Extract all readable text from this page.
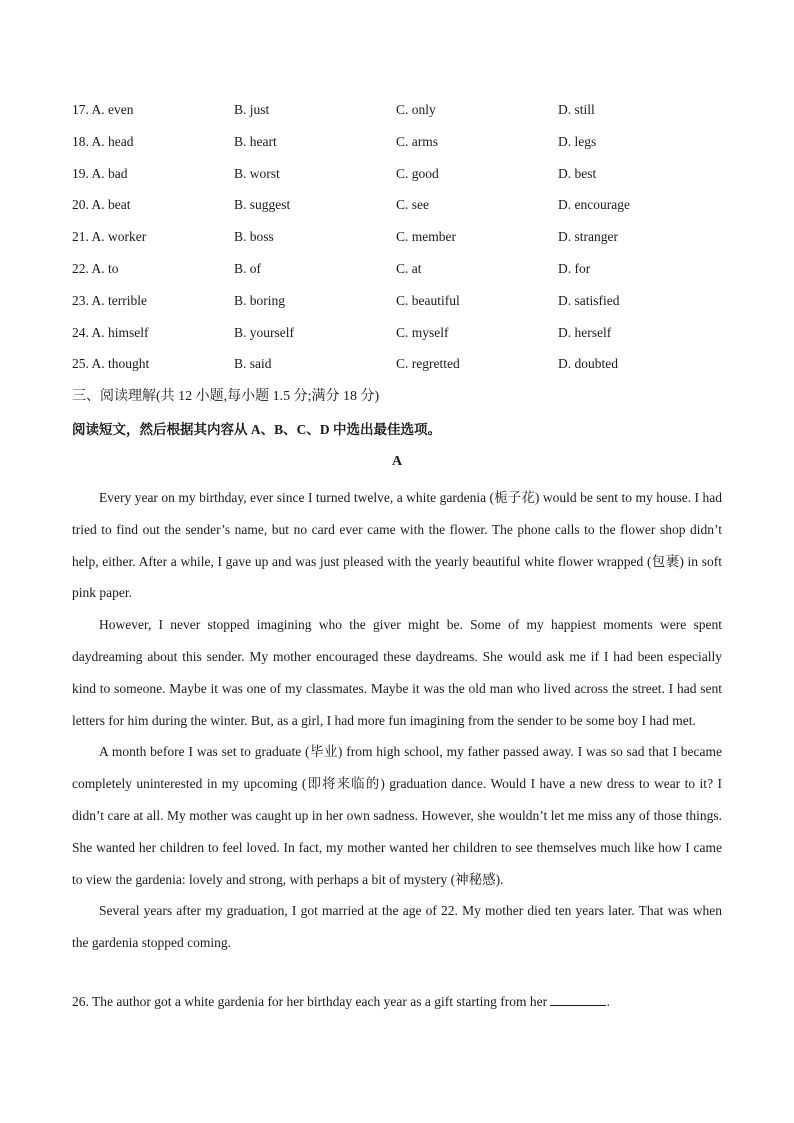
17. A. even	B. just	C. only	D. still
18. A. head	B. heart	C. arms	D. legs
19. A. bad	B. worst	C. good	D. best
20. A. beat	B. suggest	C. see	D. encourage
21. A. worker	B. boss	C. member	D. stranger
22. A. to	B. of	C. at	D. for
23. A. terrible	B. boring	C. beautiful	D. satisfied
24. A. himself	B. yourself	C. myself	D. herself
25. A. thought	B. said	C. regretted	D. doubted
三、阅读理解(共 12 小题,每小题 1.5 分;满分 18 分)
阅读短文，然后根据其内容从 A、B、C、D 中选出最佳选项。
A

Every year on my birthday, ever since I turned twelve, a white gardenia (栀子花) would be sent to my house. I had tried to find out the sender’s name, but no card ever came with the flower. The phone calls to the flower shop didn’t help, either. After a while, I gave up and was just pleased with the yearly beautiful white flower wrapped (包裹) in soft pink paper.

However, I never stopped imagining who the giver might be. Some of my happiest moments were spent daydreaming about this sender. My mother encouraged these daydreams. She would ask me if I had been especially kind to someone. Maybe it was one of my classmates. Maybe it was the old man who lived across the street. I had sent letters for him during the winter. But, as a girl, I had more fun imagining from the sender to be some boy I had met.

A month before I was set to graduate (毕业) from high school, my father passed away. I was so sad that I became completely uninterested in my upcoming (即将来临的) graduation dance. Would I have a new dress to wear to it? I didn’t care at all. My mother was caught up in her own sadness. However, she wouldn’t let me miss any of those things. She wanted her children to feel loved. In fact, my mother wanted her children to see themselves much like how I came to view the gardenia: lovely and strong, with perhaps a bit of mystery (神秘感).

Several years after my graduation, I got married at the age of 22. My mother died ten years later. That was when the gardenia stopped coming.

26. The author got a white gardenia for her birthday each year as a gift starting from her	.
